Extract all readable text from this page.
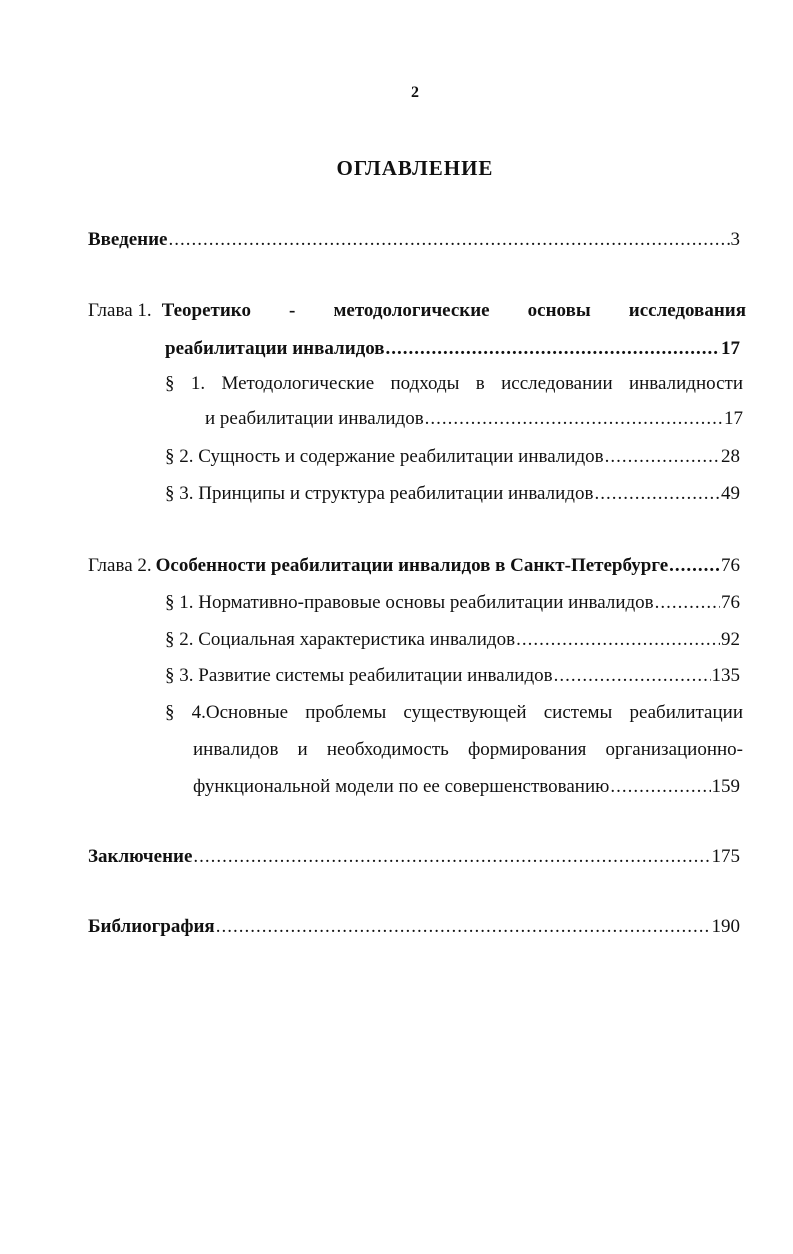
2
ОГЛАВЛЕНИЕ
Введение .....	3
Глава 1. Теоретико - методологические основы исследования
реабилитации инвалидов .....	17
§ 1. Методологические подходы в исследовании инвалидности
и реабилитации инвалидов .....	17
§ 2. Сущность и содержание реабилитации инвалидов .....	28
§ 3. Принципы и структура реабилитации инвалидов .....	49
Глава 2. Особенности реабилитации инвалидов в Санкт-Петербурге .....	76
§ 1. Нормативно-правовые основы реабилитации инвалидов .....	76
§ 2. Социальная характеристика инвалидов .....	92
§ 3. Развитие системы реабилитации инвалидов .....	135
§ 4.Основные проблемы существующей системы реабилитации
инвалидов и необходимость формирования организационно-
функциональной модели по ее совершенствованию .....	159
Заключение .....	175
Библиография .....	190
